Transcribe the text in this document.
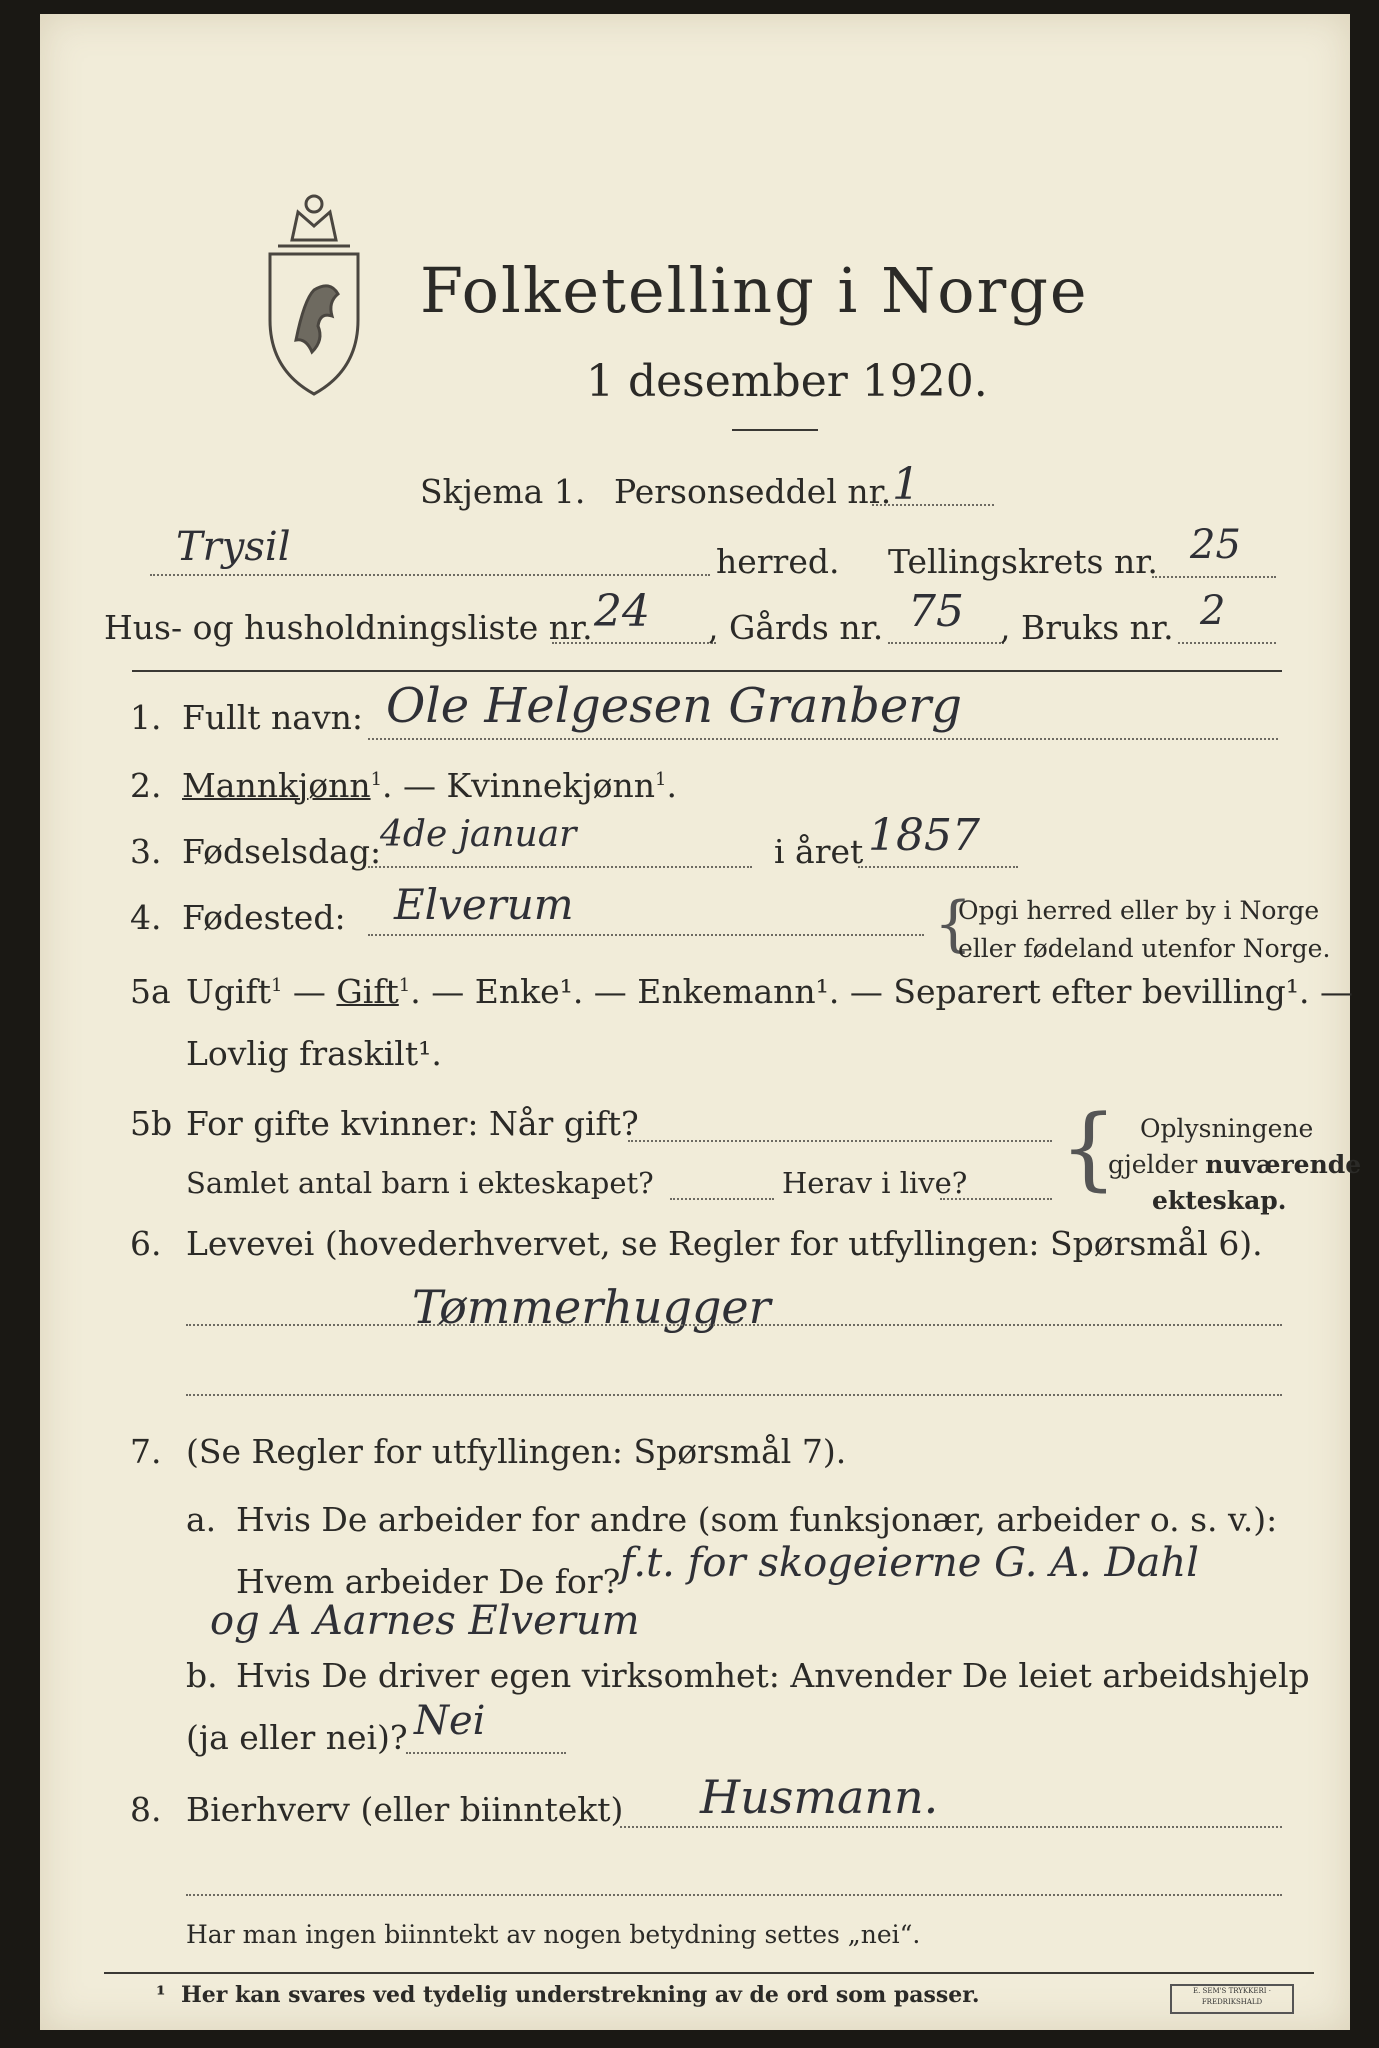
Folketelling i Norge
1 desember 1920.
Skjema 1. Personseddel nr. 1
Trysil	herred. Tellingskrets nr. 25
Hus- og husholdningsliste nr. 24 , Gårds nr. 75 , Bruks nr. 2
1. Fullt navn: Ole Helgesen Granberg
2. Mannkjønn$^1$. — Kvinnekjønn$^1$.
3. Fødselsdag:
4de januar	i året 1857
4. Fødested: Elverum	{
Opgi herred eller by i Norge
eller fødeland utenfor Norge.
5a Ugift$^1$ — Gift$^1$. — Enke¹. — Enkemann¹. — Separert efter bevilling¹. —
Lovlig fraskilt¹.
5b For gifte kvinner: Når gift?
Samlet antal barn i ekteskapet?	Herav i live? { Oplysningene
gjelder nuværende
ekteskap.
6. Levevei (hovederhvervet, se Regler for utfyllingen: Spørsmål 6).
Tømmerhugger
7. (Se Regler for utfyllingen: Spørsmål 7).
a. Hvis De arbeider for andre (som funksjonær, arbeider o. s. v.):
Hvem arbeider De for? f.t. for skogeierne G. A. Dahl
og A Aarnes Elverum
b. Hvis De driver egen virksomhet: Anvender De leiet arbeidshjelp
(ja eller nei)? Nei
8. Bierhverv (eller biinntekt) Husmann.
Har man ingen biinntekt av nogen betydning settes „nei“.
¹ Her kan svares ved tydelig understrekning av de ord som passer.	E. SEM'S TRYKKERI · FREDRIKSHALD
